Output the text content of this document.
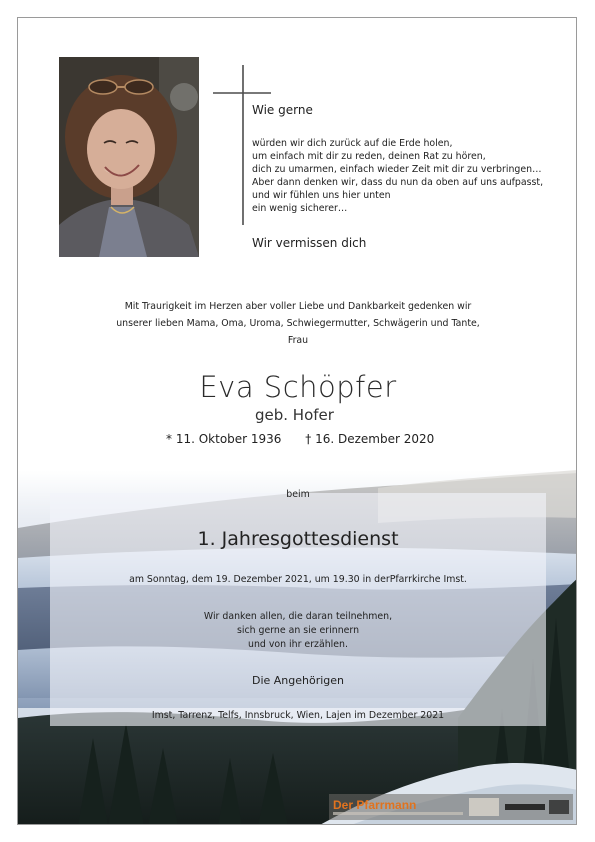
Wie gerne
würden wir dich zurück auf die Erde holen,
um einfach mit dir zu reden, deinen Rat zu hören,
dich zu umarmen, einfach wieder Zeit mit dir zu verbringen…
Aber dann denken wir, dass du nun da oben auf uns aufpasst,
und wir fühlen uns hier unten
ein wenig sicherer…
Wir vermissen dich
Mit Traurigkeit im Herzen aber voller Liebe und Dankbarkeit gedenken wir
unserer lieben Mama, Oma, Uroma, Schwiegermutter, Schwägerin und Tante,
Frau
Eva Schöpfer
geb. Hofer
* 11. Oktober 1936 † 16. Dezember 2020
beim
1. Jahresgottesdienst
am Sonntag, dem 19. Dezember 2021, um 19.30 in derPfarrkirche Imst.
Wir danken allen, die daran teilnehmen,
sich gerne an sie erinnern
und von ihr erzählen.
Die Angehörigen
Imst, Tarrenz, Telfs, Innsbruck, Wien, Lajen im Dezember 2021
Der Pfarrmann
